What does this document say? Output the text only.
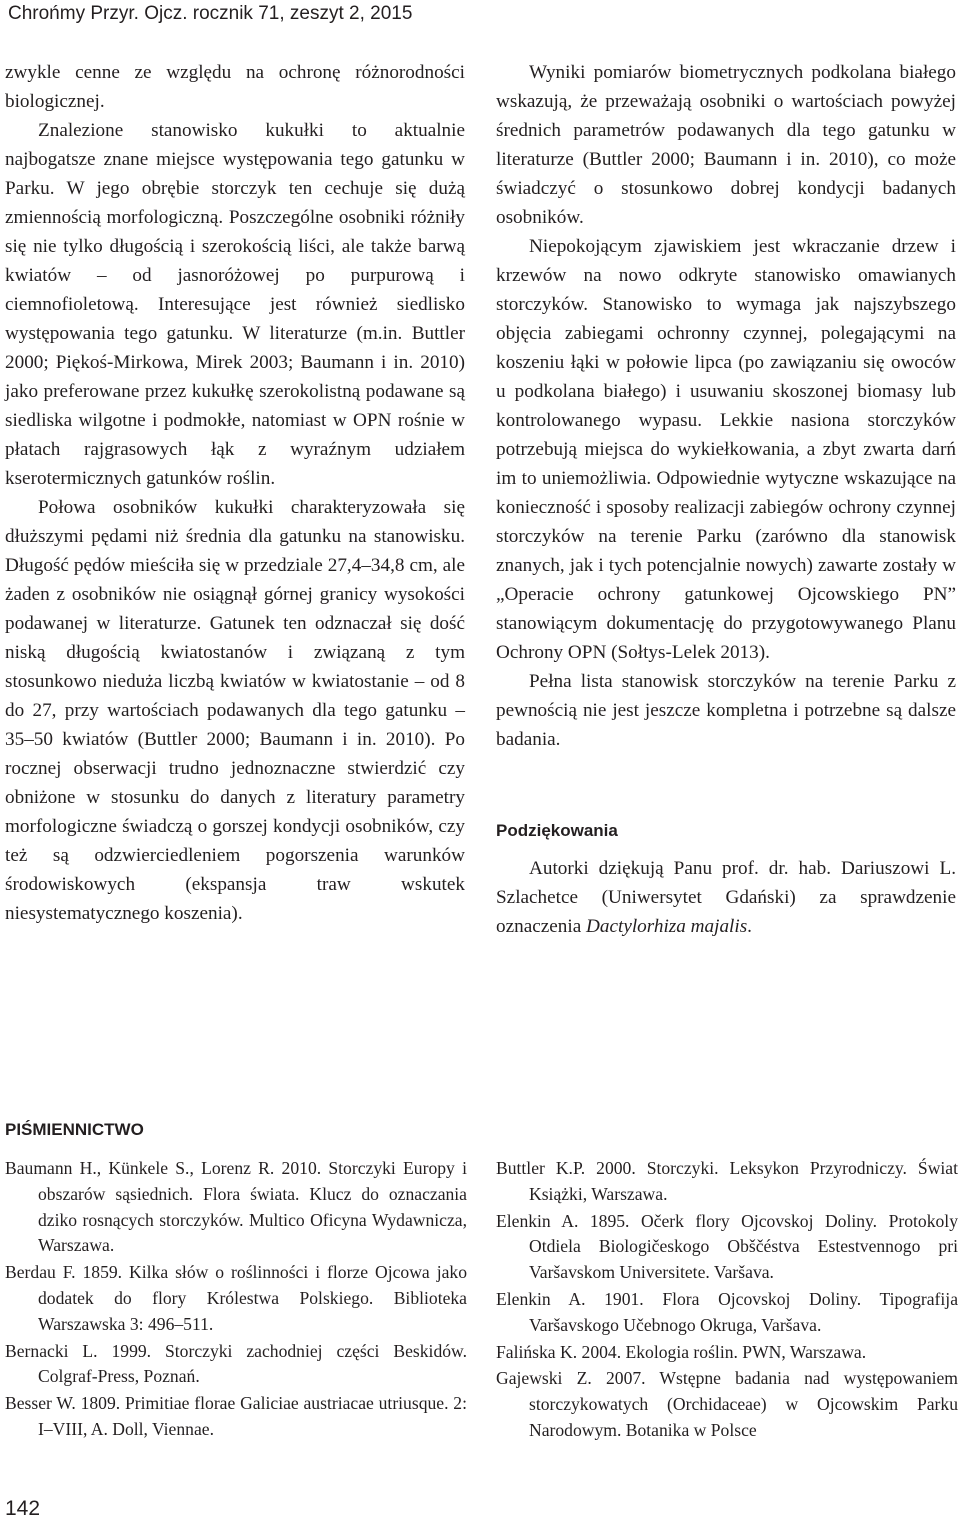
Chrońmy Przyr. Ojcz. rocznik 71, zeszyt 2, 2015

zwykle cenne ze względu na ochronę różnorodności biologicznej.

Znalezione stanowisko kukułki to aktualnie najbogatsze znane miejsce występowania tego gatunku w Parku. W jego obrębie storczyk ten cechuje się dużą zmiennością morfologiczną. Poszczególne osobniki różniły się nie tylko długością i szerokością liści, ale także barwą kwiatów – od jasnoróżowej po purpurową i ciemnofioletową. Interesujące jest również siedlisko występowania tego gatunku. W literaturze (m.in. Buttler 2000; Piękoś-Mirkowa, Mirek 2003; Baumann i in. 2010) jako preferowane przez kukułkę szerokolistną podawane są siedliska wilgotne i podmokłe, natomiast w OPN rośnie w płatach rajgrasowych łąk z wyraźnym udziałem kserotermicznych gatunków roślin.

Połowa osobników kukułki charakteryzowała się dłuższymi pędami niż średnia dla gatunku na stanowisku. Długość pędów mieściła się w przedziale 27,4–34,8 cm, ale żaden z osobników nie osiągnął górnej granicy wysokości podawanej w literaturze. Gatunek ten odznaczał się dość niską długością kwiatostanów i związaną z tym stosunkowo nieduża liczbą kwiatów w kwiatostanie – od 8 do 27, przy wartościach podawanych dla tego gatunku – 35–50 kwiatów (Buttler 2000; Baumann i in. 2010). Po rocznej obserwacji trudno jednoznaczne stwierdzić czy obniżone w stosunku do danych z literatury parametry morfologiczne świadczą o gorszej kondycji osobników, czy też są odzwierciedleniem pogorszenia warunków środowiskowych (ekspansja traw wskutek niesystematycznego koszenia).

Wyniki pomiarów biometrycznych podkolana białego wskazują, że przeważają osobniki o wartościach powyżej średnich parametrów podawanych dla tego gatunku w literaturze (Buttler 2000; Baumann i in. 2010), co może świadczyć o stosunkowo dobrej kondycji badanych osobników.

Niepokojącym zjawiskiem jest wkraczanie drzew i krzewów na nowo odkryte stanowisko omawianych storczyków. Stanowisko to wymaga jak najszybszego objęcia zabiegami ochronny czynnej, polegającymi na koszeniu łąki w połowie lipca (po zawiązaniu się owoców u podkolana białego) i usuwaniu skoszonej biomasy lub kontrolowanego wypasu. Lekkie nasiona storczyków potrzebują miejsca do wykiełkowania, a zbyt zwarta darń im to uniemożliwia. Odpowiednie wytyczne wskazujące na konieczność i sposoby realizacji zabiegów ochrony czynnej storczyków na terenie Parku (zarówno dla stanowisk znanych, jak i tych potencjalnie nowych) zawarte zostały w „Operacie ochrony gatunkowej Ojcowskiego PN” stanowiącym dokumentację do przygotowywanego Planu Ochrony OPN (Sołtys-Lelek 2013).

Pełna lista stanowisk storczyków na terenie Parku z pewnością nie jest jeszcze kompletna i potrzebne są dalsze badania.

Podziękowania

Autorki dziękują Panu prof. dr. hab. Dariuszowi L. Szlachetce (Uniwersytet Gdański) za sprawdzenie oznaczenia Dactylorhiza majalis.

PIŚMIENNICTWO
Baumann H., Künkele S., Lorenz R. 2010. Storczyki Europy i obszarów sąsiednich. Flora świata. Klucz do oznaczania dziko rosnących storczyków. Multico Oficyna Wydawnicza, Warszawa.
Berdau F. 1859. Kilka słów o roślinności i florze Ojcowa jako dodatek do flory Królestwa Polskiego. Biblioteka Warszawska 3: 496–511.
Bernacki L. 1999. Storczyki zachodniej części Beskidów. Colgraf-Press, Poznań.
Besser W. 1809. Primitiae florae Galiciae austriacae utriusque. 2: I–VIII, A. Doll, Viennae.
Buttler K.P. 2000. Storczyki. Leksykon Przyrodniczy. Świat Książki, Warszawa.
Elenkin A. 1895. Očerk flory Ojcovskoj Doliny. Protokoly Otdiela Biologičeskogo Obščéstva Estestvennogo pri Varšavskom Universitete. Varšava.
Elenkin A. 1901. Flora Ojcovskoj Doliny. Tipografija Varšavskogo Učebnogo Okruga, Varšava.
Falińska K. 2004. Ekologia roślin. PWN, Warszawa.
Gajewski Z. 2007. Wstępne badania nad występowaniem storczykowatych (Orchidaceae) w Ojcowskim Parku Narodowym. Botanika w Polsce

142
